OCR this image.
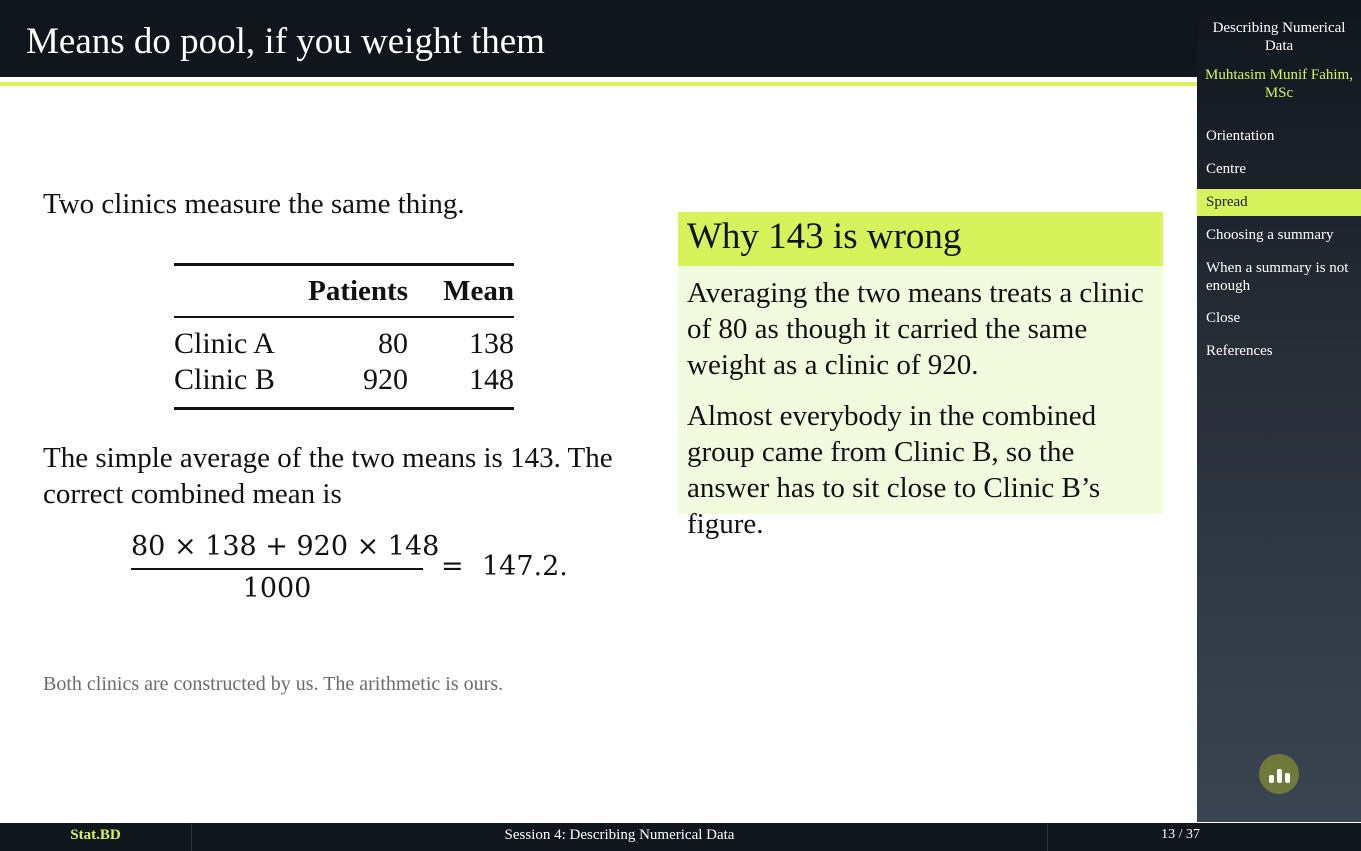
Means do pool, if you weight them
Two clinics measure the same thing.
Patients	Mean
Clinic A	80	138
Clinic B	920	148
The simple average of the two means is 143. The correct combined mean is
80 × 138 + 920 × 148
1000
= 147.2.
Both clinics are constructed by us. The arithmetic is ours.
Why 143 is wrong

Averaging the two means treats a clinic of 80 as though it carried the same weight as a clinic of 920.

Almost everybody in the combined group came from Clinic B, so the answer has to sit close to Clinic B’s figure.

Describing Numerical Data
Muhtasim Munif Fahim, MSc
Orientation
Centre
Spread
Choosing a summary
When a summary is not enough
Close
References
Stat.BD	Session 4: Describing Numerical Data	13 / 37
